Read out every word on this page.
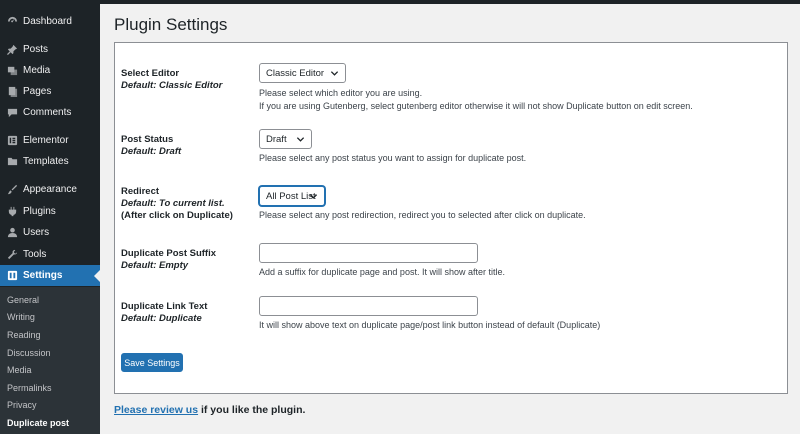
Dashboard
Posts
Media
Pages
Comments
Elementor
Templates
Appearance
Plugins
Users
Tools
Settings
General
Writing
Reading
Discussion
Media
Permalinks
Privacy
Duplicate post
Plugin Settings
Select Editor
Default: Classic Editor
Classic Editor
Please select which editor you are using.
If you are using Gutenberg, select gutenberg editor otherwise it will not show Duplicate button on edit screen.
Post Status
Default: Draft
Draft
Please select any post status you want to assign for duplicate post.
Redirect
Default: To current list.
(After click on Duplicate)
All Post List
Please select any post redirection, redirect you to selected after click on duplicate.
Duplicate Post Suffix
Default: Empty
Add a suffix for duplicate page and post. It will show after title.
Duplicate Link Text
Default: Duplicate
It will show above text on duplicate page/post link button instead of default (Duplicate)
Save Settings

Please review us if you like the plugin.
